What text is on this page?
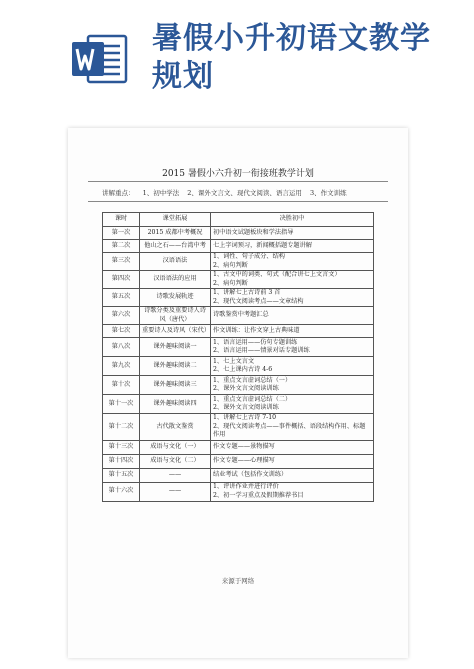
暑假小升初语文教学规划
2015 暑假小六升初一衔接班教学计划
讲解重点： 1、初中学法 2、课外文言文、现代文阅读、语言运用 3、作文训练
课时	课堂拓展	决胜初中
第一次	2015 成都中考概况	初中语文试题板块和学法指导

第二次	他山之石——台湾中考	七上字词预习，新闻概括题专题讲解

第三次	汉语语法	1、词性、句子成分、结构
2、病句判断

第四次	汉语语法的应用	1、古文中的词类、句式（配合讲七上文言文）
2、病句判断

第五次	诗歌发展轨迹	1、讲解七上古诗前 3 首
2、现代文阅读考点——文章结构

第六次	诗歌分类及重要诗人诗风（唐代）	诗歌鉴赏中考题汇总

第七次	重要诗人及诗风（宋代）	作文训练：让作文穿上古典味道

第八次	课外趣味阅读一	1、语言运用——仿句专题训练
2、语言运用——情景对话专题训练

第九次	课外趣味阅读二	1、七上文言文
2、七上课内古诗 4-6

第十次	课外趣味阅读三	1、重点文言虚词总结（一）
2、课外文言文阅读训练

第十一次	课外趣味阅读四	1、重点文言虚词总结（二）
2、课外文言文阅读训练

第十二次	古代散文鉴赏	1、讲解七上古诗 7-10
2、现代文阅读考点——事件概括、语段结构作用、标题作用

第十三次	成语与文化（一）	作文专题——景物描写

第十四次	成语与文化（二）	作文专题——心理描写

第十五次	——	结业考试（包括作文训练）

第十六次	——	1、评讲作业并进行评价
2、初一学习重点及假期推荐书目
来源于网络
